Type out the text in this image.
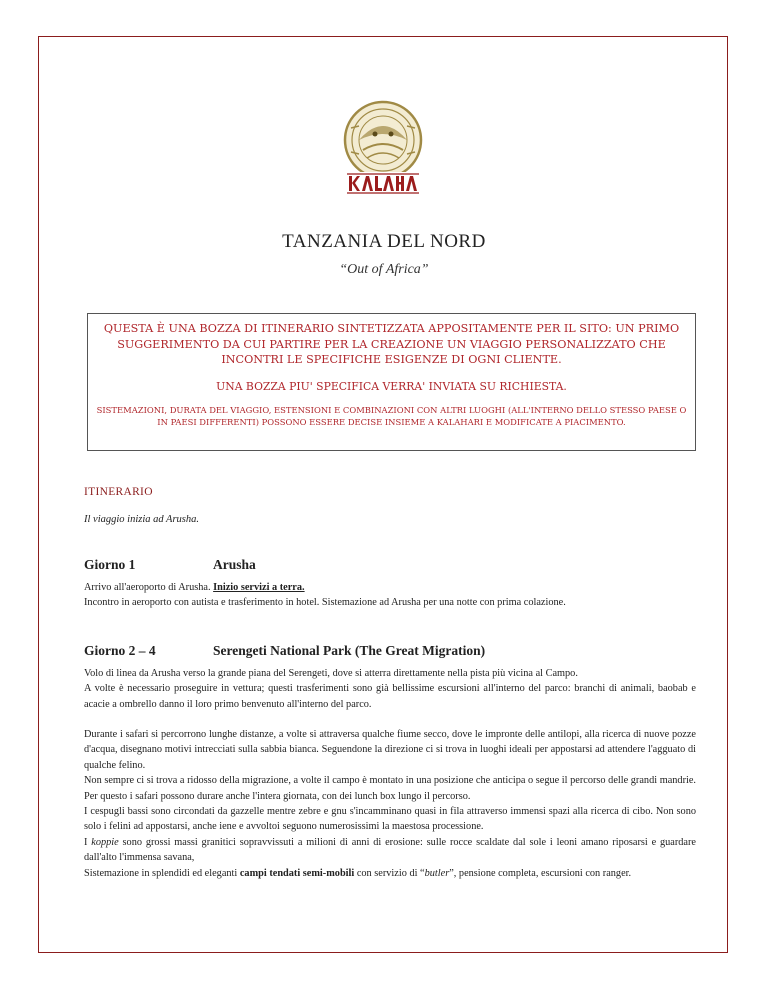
TANZANIA DEL NORD
“Out of Africa”
QUESTA È UNA BOZZA DI ITINERARIO SINTETIZZATA APPOSITAMENTE PER IL SITO: UN PRIMO SUGGERIMENTO DA CUI PARTIRE PER LA CREAZIONE UN VIAGGIO PERSONALIZZATO CHE INCONTRI LE SPECIFICHE ESIGENZE DI OGNI CLIENTE.
UNA BOZZA PIU' SPECIFICA VERRA' INVIATA SU RICHIESTA.
SISTEMAZIONI, DURATA DEL VIAGGIO, ESTENSIONI E COMBINAZIONI CON ALTRI LUOGHI (ALL'INTERNO DELLO STESSO PAESE O IN PAESI DIFFERENTI) POSSONO ESSERE DECISE INSIEME A KALAHARI E MODIFICATE A PIACIMENTO.
ITINERARIO
Il viaggio inizia ad Arusha.
Giorno 1	Arusha
Arrivo all'aeroporto di Arusha. Inizio servizi a terra.
Incontro in aeroporto con autista e trasferimento in hotel. Sistemazione ad Arusha per una notte con prima colazione.
Giorno 2 – 4	Serengeti National Park (The Great Migration)
Volo di linea da Arusha verso la grande piana del Serengeti, dove si atterra direttamente nella pista più vicina al Campo.
A volte è necessario proseguire in vettura; questi trasferimenti sono già bellissime escursioni all'interno del parco: branchi di animali, baobab e acacie a ombrello danno il loro primo benvenuto all'interno del parco.
Durante i safari si percorrono lunghe distanze, a volte si attraversa qualche fiume secco, dove le impronte delle antilopi, alla ricerca di nuove pozze d'acqua, disegnano motivi intrecciati sulla sabbia bianca. Seguendone la direzione ci si trova in luoghi ideali per appostarsi ad attendere l'agguato di qualche felino.
Non sempre ci si trova a ridosso della migrazione, a volte il campo è montato in una posizione che anticipa o segue il percorso delle grandi mandrie. Per questo i safari possono durare anche l'intera giornata, con dei lunch box lungo il percorso.
I cespugli bassi sono circondati da gazzelle mentre zebre e gnu s'incamminano quasi in fila attraverso immensi spazi alla ricerca di cibo. Non sono solo i felini ad appostarsi, anche iene e avvoltoi seguono numerosissimi la maestosa processione.
I koppie sono grossi massi granitici sopravvissuti a milioni di anni di erosione: sulle rocce scaldate dal sole i leoni amano riposarsi e guardare dall'alto l'immensa savana,
Sistemazione in splendidi ed eleganti campi tendati semi-mobili con servizio di “butler”, pensione completa, escursioni con ranger.
